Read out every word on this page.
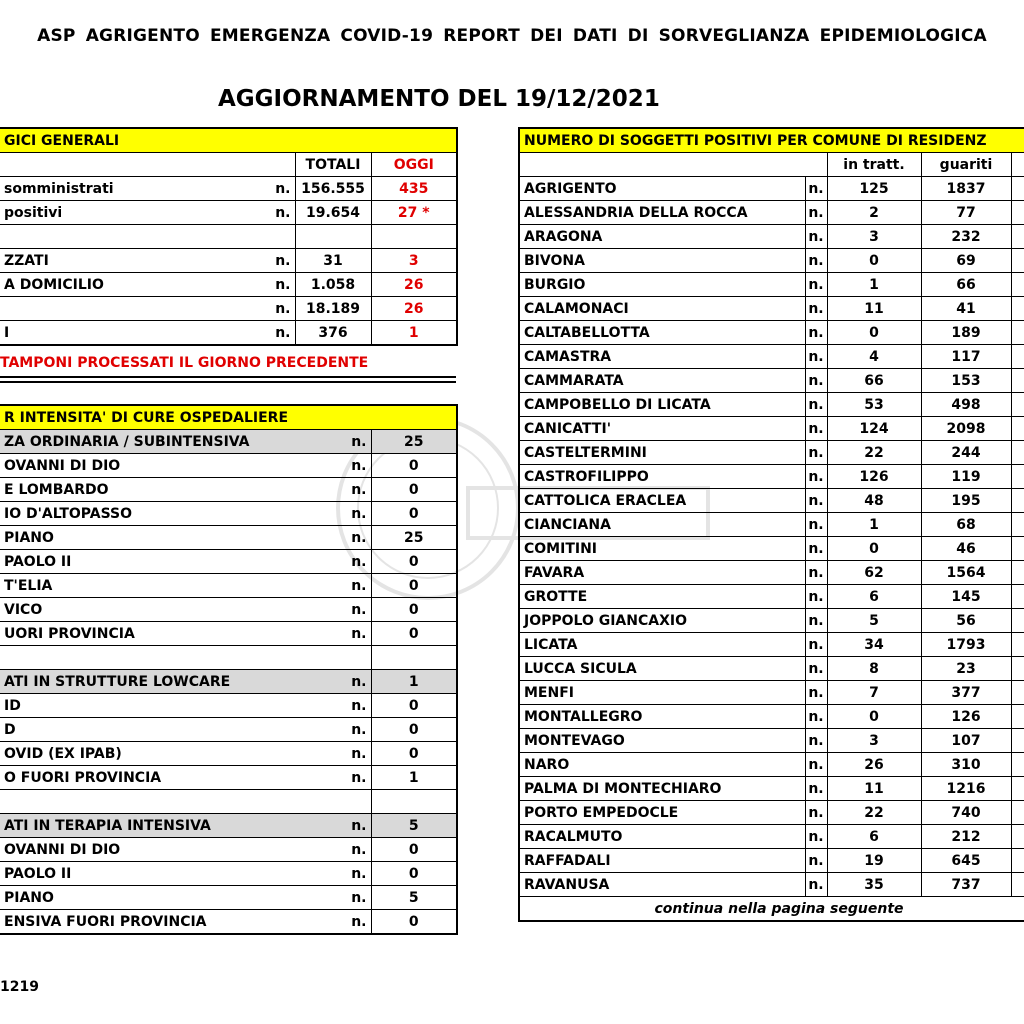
ASP AGRIGENTO EMERGENZA COVID-19 REPORT DEI DATI DI SORVEGLIANZA EPIDEMIOLOGICA
AGGIORNAMENTO DEL 19/12/2021
GICI GENERALI			
		TOTALI	OGGI
somministrati	n.	156.555	435
positivi	n.	19.654	27 *

ZZATI	n.	31	3
A DOMICILIO	n.	1.058	26
	n.	18.189	26
I	n.	376	1
TAMPONI PROCESSATI IL GIORNO PRECEDENTE
R INTENSITA' DI CURE OSPEDALIERE		
ZA ORDINARIA / SUBINTENSIVA	n.	25
OVANNI DI DIO	n.	0
E LOMBARDO	n.	0
IO D'ALTOPASSO	n.	0
PIANO	n.	25
PAOLO II	n.	0
T'ELIA	n.	0
VICO	n.	0
UORI PROVINCIA	n.	0

ATI IN STRUTTURE LOWCARE	n.	1
ID	n.	0
D	n.	0
OVID (EX IPAB)	n.	0
O FUORI PROVINCIA	n.	1

ATI IN TERAPIA INTENSIVA	n.	5
OVANNI DI DIO	n.	0
PAOLO II	n.	0
PIANO	n.	5
ENSIVA FUORI PROVINCIA	n.	0
NUMERO DI SOGGETTI POSITIVI PER COMUNE DI RESIDENZ				
		in tratt.	guariti	
AGRIGENTO	n.	125	1837	
ALESSANDRIA DELLA ROCCA	n.	2	77	
ARAGONA	n.	3	232	
BIVONA	n.	0	69	
BURGIO	n.	1	66	
CALAMONACI	n.	11	41	
CALTABELLOTTA	n.	0	189	
CAMASTRA	n.	4	117	
CAMMARATA	n.	66	153	
CAMPOBELLO DI LICATA	n.	53	498	
CANICATTI'	n.	124	2098	
CASTELTERMINI	n.	22	244	
CASTROFILIPPO	n.	126	119	
CATTOLICA ERACLEA	n.	48	195	
CIANCIANA	n.	1	68	
COMITINI	n.	0	46	
FAVARA	n.	62	1564	
GROTTE	n.	6	145	
JOPPOLO GIANCAXIO	n.	5	56	
LICATA	n.	34	1793	
LUCCA SICULA	n.	8	23	
MENFI	n.	7	377	
MONTALLEGRO	n.	0	126	
MONTEVAGO	n.	3	107	
NARO	n.	26	310	
PALMA DI MONTECHIARO	n.	11	1216	
PORTO EMPEDOCLE	n.	22	740	
RACALMUTO	n.	6	212	
RAFFADALI	n.	19	645	
RAVANUSA	n.	35	737	
continua nella pagina seguente				
1219
